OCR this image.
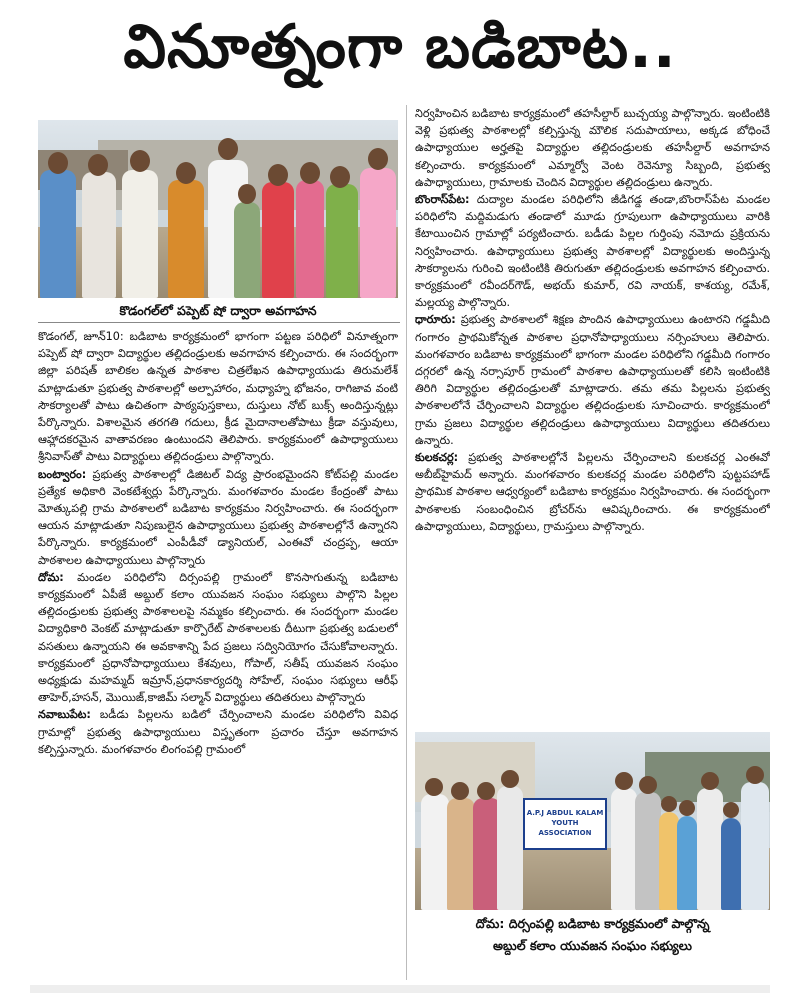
వినూత్నంగా బడిబాట..
కొడంగల్‌లో పప్పెట్ షో ద్వారా అవగాహన

కొడంగల్, జూన్10: బడిబాట కార్యక్రమంలో భాగంగా పట్టణ పరిధిలో వినూత్నంగా పప్పెట్ షో ద్వారా విద్యార్థుల తల్లిదండ్రులకు అవగాహన కల్పించారు. ఈ సందర్భంగా జిల్లా పరిషత్ బాలికల ఉన్నత పాఠశాల చిత్రలేఖన ఉపాధ్యాయుడు తిరుమలేశ్ మాట్లాడుతూ ప్రభుత్వ పాఠశాలల్లో అల్పాహారం, మధ్యాహ్న భోజనం, రాగిజావ వంటి సౌకర్యాలతో పాటు ఉచితంగా పాఠ్యపుస్తకాలు, దుస్తులు నోట్ బుక్స్ అందిస్తున్నట్లు పేర్కొన్నారు. విశాలమైన తరగతి గదులు, క్రీడ మైదానాలతోపాటు క్రీడా వస్తువులు, ఆహ్లాదకరమైన వాతావరణం ఉంటుందని తెలిపారు. కార్యక్రమంలో ఉపాధ్యాయులు శ్రీనివాస్‌తో పాటు విద్యార్థులు తల్లిదండ్రులు పాల్గొన్నారు.

బంట్వారం: ప్రభుత్వ పాఠశాలల్లో డిజిటల్ విద్య ప్రారంభమైందని కోట్‌పల్లి మండల ప్రత్యేక అధికారి వెంకటేశ్వర్లు పేర్కొన్నారు. మంగళవారం మండల కేంద్రంతో పాటు మోత్కుపల్లి గ్రామ పాఠశాలలో బడిబాట కార్యక్రమం నిర్వహించారు. ఈ సందర్భంగా ఆయన మాట్లాడుతూ నిపుణులైన ఉపాధ్యాయులు ప్రభుత్వ పాఠశాలల్లోనే ఉన్నారని పేర్కొన్నారు. కార్యక్రమంలో ఎంపీడీవో డ్యానియల్, ఎంఈవో చంద్రప్ప, ఆయా పాఠశాలల ఉపాధ్యాయులు పాల్గొన్నారు

దోమ: మండల పరిధిలోని దిర్సంపల్లి గ్రామంలో కొనసాగుతున్న బడిబాట కార్యక్రమంలో ఏపీజే అబ్దుల్ కలాం యువజన సంఘం సభ్యులు పాల్గొని పిల్లల తల్లిదండ్రులకు ప్రభుత్వ పాఠశాలలపై నమ్మకం కల్పించారు. ఈ సందర్భంగా మండల విద్యాధికారి వెంకట్ మాట్లాడుతూ కార్పొరేట్ పాఠశాలలకు దీటుగా ప్రభుత్వ బడులలో వసతులు ఉన్నాయని ఈ అవకాశాన్ని పేద ప్రజలు సద్వినియోగం చేసుకోవాలన్నారు. కార్యక్రమంలో ప్రధానోపాధ్యాయులు కేశవులు, గోపాల్, సతీష్ యువజన సంఘం అధ్యక్షుడు మహమ్మద్ ఇమ్రాన్,ప్రధానకార్యదర్శి సోహేల్, సంఘం సభ్యులు ఆరీఫ్ తాహెర్,హసన్, మొయిజ్,కాజిమ్ సల్మాన్ విద్యార్థులు తదితరులు పాల్గొన్నారు

నవాబుపేట: బడీడు పిల్లలను బడిలో చేర్పించాలని మండల పరిధిలోని వివిధ గ్రామాల్లో ప్రభుత్వ ఉపాధ్యాయులు విస్తృతంగా ప్రచారం చేస్తూ అవగాహన కల్పిస్తున్నారు. మంగళవారం లింగంపల్లి గ్రామంలో

నిర్వహించిన బడిబాట కార్యక్రమంలో తహసీల్దార్ బుచ్చయ్య పాల్గొన్నారు. ఇంటింటికి వెళ్లి ప్రభుత్వ పాఠశాలల్లో కల్పిస్తున్న మౌలిక సదుపాయాలు, అక్కడ బోధించే ఉపాధ్యాయుల అర్హతపై విద్యార్థుల తల్లిదండ్రులకు తహసీల్దార్ అవగాహన కల్పించారు. కార్యక్రమంలో ఎమ్మార్వో వెంట రెవెన్యూ సిబ్బంది, ప్రభుత్వ ఉపాధ్యాయులు, గ్రామాలకు చెందిన విద్యార్థుల తల్లిదండ్రులు ఉన్నారు.

బొంరాస్‌పేట: దుద్యాల మండల పరిధిలోని జీడిగడ్డ తండా,బొంరాస్‌పేట మండల పరిధిలోని మద్దిమడుగు తండాలో మూడు గ్రూపులుగా ఉపాధ్యాయులు వారికి కేటాయించిన గ్రామాల్లో పర్యటించారు. బడీడు పిల్లల గుర్తింపు నమోదు ప్రక్రియను నిర్వహించారు. ఉపాధ్యాయులు ప్రభుత్వ పాఠశాలల్లో విద్యార్థులకు అందిస్తున్న సౌకర్యాలను గురించి ఇంటింటికి తిరుగుతూ తల్లిదండ్రులకు అవగాహన కల్పించారు. కార్యక్రమంలో రవీందర్‌గౌడ్, అభయ్ కుమార్, రవి నాయక్, కాశయ్య, రమేశ్, మల్లయ్య పాల్గొన్నారు.

ధారూరు: ప్రభుత్వ పాఠశాలలో శిక్షణ పొందిన ఉపాధ్యాయులు ఉంటారని గడ్డమీది గంగారం ప్రాథమికోన్నత పాఠశాల ప్రధానోపాధ్యాయులు నర్సింహులు తెలిపారు. మంగళవారం బడిబాట కార్యక్రమంలో భాగంగా మండల పరిధిలోని గడ్డమీది గంగారం దగ్గరలో ఉన్న నర్సాపూర్ గ్రామంలో పాఠశాల ఉపాధ్యాయులతో కలిసి ఇంటింటికి తిరిగి విద్యార్థుల తల్లిదండ్రులతో మాట్లాడారు. తమ తమ పిల్లలను ప్రభుత్వ పాఠశాలలోనే చేర్పించాలని విద్యార్థుల తల్లిదండ్రులకు సూచించారు. కార్యక్రమంలో గ్రామ ప్రజలు విద్యార్థుల తల్లిదండ్రులు ఉపాధ్యాయులు విద్యార్థులు తదితరులు ఉన్నారు.

కులకచర్ల: ప్రభుత్వ పాఠశాలల్లోనే పిల్లలను చేర్పించాలని కులకచర్ల ఎంఈవో అబీబ్‌హైమద్ అన్నారు. మంగళవారం కులకచర్ల మండల పరిధిలోని పుట్టపహాడ్ ప్రాథమిక పాఠశాల ఆధ్వర్యంలో బడిబాట కార్యక్రమం నిర్వహించారు. ఈ సందర్భంగా పాఠశాలకు సంబంధించిన బ్రోచర్‌ను ఆవిష్కరించారు. ఈ కార్యక్రమంలో ఉపాధ్యాయులు, విద్యార్థులు, గ్రామస్తులు పాల్గొన్నారు.

A.P.J ABDUL KALAM YOUTH ASSOCIATION
దోమ: దిర్సంపల్లి బడిబాట కార్యక్రమంలో పాల్గొన్న
అబ్దుల్ కలాం యువజన సంఘం సభ్యులు
